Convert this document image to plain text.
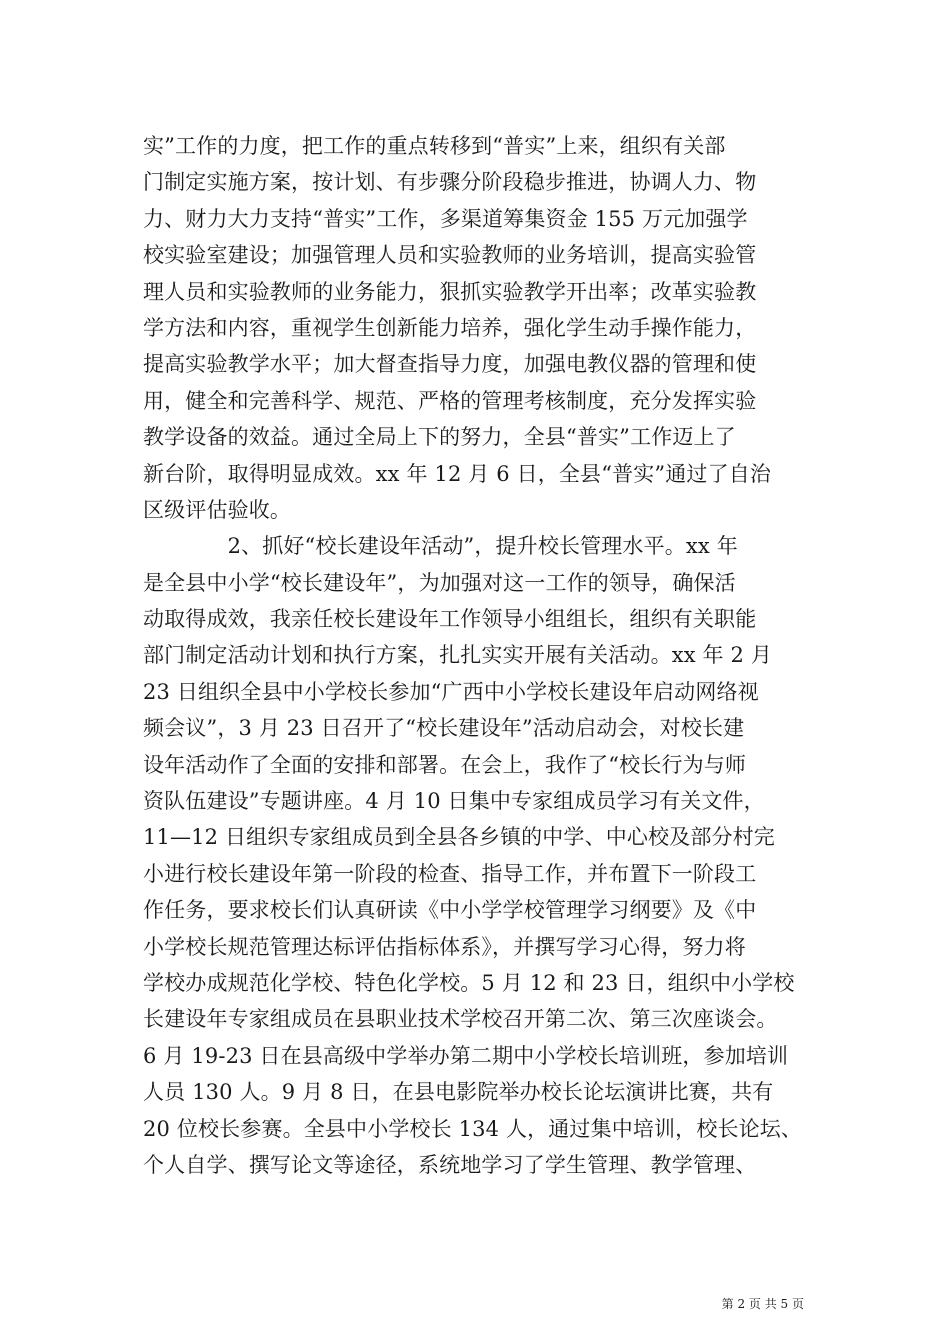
实”工作的力度，把工作的重点转移到“普实”上来，组织有关部
门制定实施方案，按计划、有步骤分阶段稳步推进，协调人力、物
力、财力大力支持“普实”工作，多渠道筹集资金 155 万元加强学
校实验室建设；加强管理人员和实验教师的业务培训，提高实验管
理人员和实验教师的业务能力，狠抓实验教学开出率；改革实验教
学方法和内容，重视学生创新能力培养，强化学生动手操作能力，
提高实验教学水平；加大督查指导力度，加强电教仪器的管理和使
用，健全和完善科学、规范、严格的管理考核制度，充分发挥实验
教学设备的效益。通过全局上下的努力，全县“普实”工作迈上了
新台阶，取得明显成效。xx 年 12 月 6 日，全县“普实”通过了自治
区级评估验收。
　　　　2、抓好“校长建设年活动”，提升校长管理水平。xx 年
是全县中小学“校长建设年”，为加强对这一工作的领导，确保活
动取得成效，我亲任校长建设年工作领导小组组长，组织有关职能
部门制定活动计划和执行方案，扎扎实实开展有关活动。xx 年 2 月
23 日组织全县中小学校长参加“广西中小学校长建设年启动网络视
频会议”，3 月 23 日召开了“校长建设年”活动启动会，对校长建
设年活动作了全面的安排和部署。在会上，我作了“校长行为与师
资队伍建设”专题讲座。4 月 10 日集中专家组成员学习有关文件，
11—12 日组织专家组成员到全县各乡镇的中学、中心校及部分村完
小进行校长建设年第一阶段的检查、指导工作，并布置下一阶段工
作任务，要求校长们认真研读《中小学学校管理学习纲要》及《中
小学校长规范管理达标评估指标体系》，并撰写学习心得，努力将
学校办成规范化学校、特色化学校。5 月 12 和 23 日，组织中小学校
长建设年专家组成员在县职业技术学校召开第二次、第三次座谈会。
6 月 19-23 日在县高级中学举办第二期中小学校长培训班，参加培训
人员 130 人。9 月 8 日，在县电影院举办校长论坛演讲比赛，共有
20 位校长参赛。全县中小学校长 134 人，通过集中培训，校长论坛、
个人自学、撰写论文等途径，系统地学习了学生管理、教学管理、
第 2 页 共 5 页
